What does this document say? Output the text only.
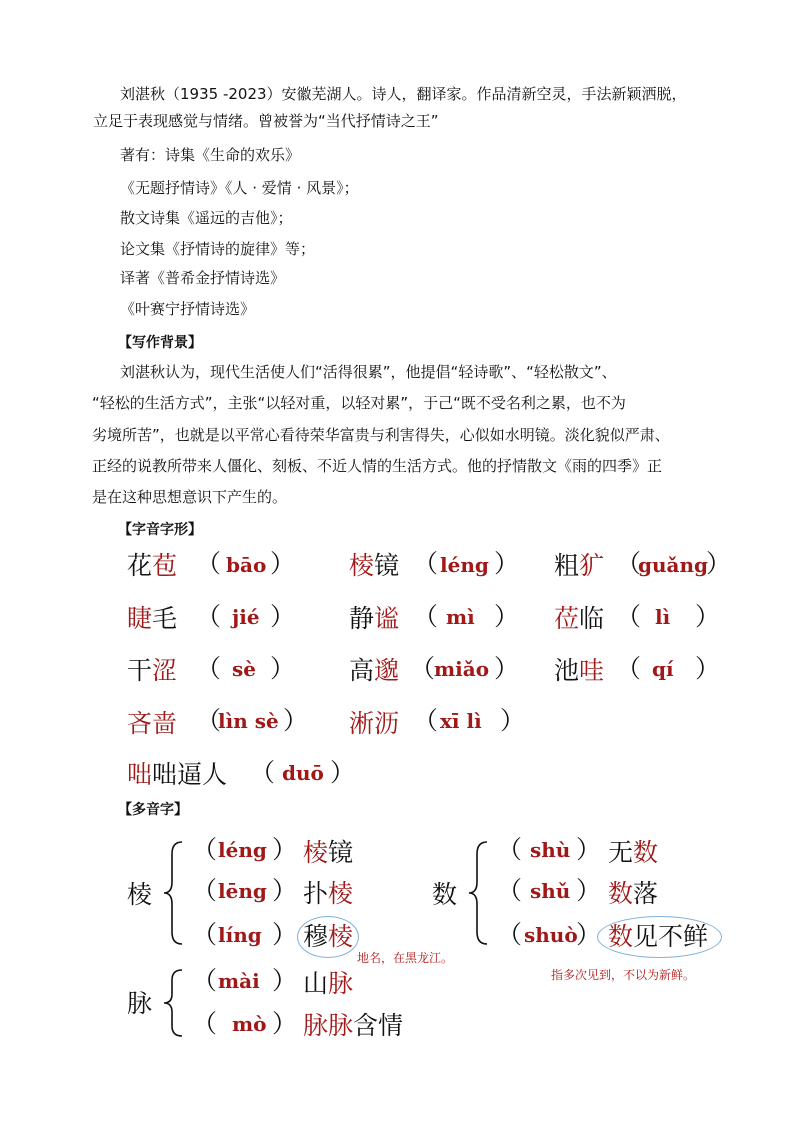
刘湛秋（1935 -2023）安徽芜湖人。诗人，翻译家。作品清新空灵，手法新颖洒脱，
立足于表现感觉与情绪。曾被誉为“当代抒情诗之王”
著有：诗集《生命的欢乐》
《无题抒情诗》《人 · 爱情 · 风景》；
散文诗集《遥远的吉他》；
论文集《抒情诗的旋律》等；
译著《普希金抒情诗选》
《叶赛宁抒情诗选》
【写作背景】
刘湛秋认为，现代生活使人们“活得很累”，他提倡“轻诗歌”、“轻松散文”、
“轻松的生活方式”，主张“以轻对重，以轻对累”，于己“既不受名利之累，也不为
劣境所苦”，也就是以平常心看待荣华富贵与利害得失，心似如水明镜。淡化貌似严肃、
正经的说教所带来人僵化、刻板、不近人情的生活方式。他的抒情散文《雨的四季》正
是在这种思想意识下产生的。
【字音字形】
花苞 （ bāo ） 棱镜 （ léng ） 粗犷 （
guǎng
）
睫毛 （ jié ） 静谧 （ mì ） 莅临 （ lì ）
干涩 （ sè ） 高邈 （
miǎo ） 池哇 （ qí ）
吝啬 （
lìn sè ） 淅沥 （ xī lì ）
咄咄逼人 （ duō ）
【多音字】
棱
（ léng ） 棱镜
（ lēng ） 扑棱
（ líng ） 穆棱
地名，在黑龙江。
数
（ shù ） 无数
（ shǔ ） 数落
（ shuò
） 数见不鲜
指多次见到，不以为新鲜。
脉
（ mài ） 山脉
（ mò ） 脉脉含情
